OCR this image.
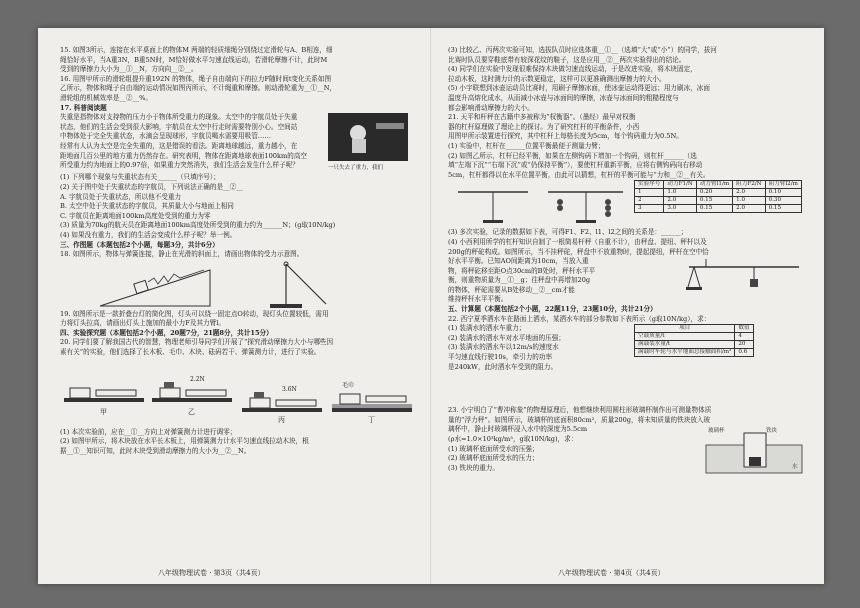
15. 如图3所示，连接在水平桌面上的物体M 两端的轻质细绳分别绕过定滑轮与A、B相连，细

绳恰好水平，当A重3N，B重5N时，M恰好做水平匀速直线运动，若滑轮摩擦不计，此时M

受到的摩擦力大小为__①__N，方向向__②__。

16. 用图甲所示的滑轮组提升重192N 的物体，绳子自由端向下的拉力F随时间t变化关系如图

乙所示，物体和绳子自由端的运动情况如图丙所示，不计绳重和摩擦。则动滑轮重为__①__N，

滑轮组的机械效率是__②__%。

17. 科普阅读题

失重是指物体对支持物的压力小于物体所受重力的现象。太空中的宇航员处于失重

状态，他们的生活会受到很大影响，宇航员在太空中行走时需要特别小心。空间站

中物体处于完全失重状态，水滴会呈现球形，宇航员喝水需要用吸管……

经常有人认为太空是完全失重的，这是错误的看法。距离地球越远，重力越小，在

距地面几百公里的地方重力仍然存在。研究表明，物体在距离地球表面100km的高空

所受重力约为地面上的0.97倍，如果重力突然消失，我们生活会发生什么样子呢？	一只失去了重力，我们

(1) 下列哪个现象与失重状态有关______（只填序号）；

(2) 关于图中处于失重状态的宇航员，下列说法正确的是__②__

A. 宇航员处于失重状态，所以他不受重力

B. 太空中处于失重状态的宇航员，其质量大小与地面上相同

C. 宇航员在距离地面100km高度处受到的重力为零

(3) 质量为70kg的航天员在距离地面100km高度处所受到的重力约为______N；(g取10N/kg)

(4) 如果没有重力，我们的生活会变成什么样子呢？举一例。

三、作图题（本题包括2个小题，每题3分，共计6分）

18. 如图所示，物体与弹簧连接，静止在光滑的斜面上，请画出物体的受力示意图。

19. 如图所示是一款折叠台灯的简化图，灯头可以绕一固定点O转动，现灯头位置较低，需用

力将灯头拉高，请画出灯头上施加的最小力F及其力臂l。

四、实验探究题（本题包括2个小题，20题7分，21题8分，共计15分）

20. 同学们要了解我国古代的智慧，物理老师引导同学们开展了“探究滑动摩擦力大小与哪些因

素有关”的实验，他们选择了长木板、毛巾、木块、砝码若干、弹簧测力计，进行了实验。

甲	乙
丙	丁
2.2N
3.6N
毛巾

(1) 本次实验前，应在__①__方向上对弹簧测力计进行调零；

(2) 如图甲所示，将木块放在水平长木板上，用弹簧测力计水平匀速直线拉动木块，根

据__①__知识可知，此时木块受到滑动摩擦力的大小为__②__N。

八年级物理试卷 · 第3页（共4页）

(3) 比较乙、丙两次实验可知，选拔队员时应选体重__①__（选填“大”或“小”）的同学，拔河

比赛时队员要穿鞋底带有较深花纹的鞋子，这是应用__②__两次实验得出的结论。

(4) 同学们在实验中发现很难保持木块做匀速直线运动，于是改进实验，将木块固定，

拉动木板，这时测力计的示数更稳定，这样可以更准确测出摩擦力的大小。

(5) 小宇联想到冰壶运动员比赛时，用刷子摩擦冰面，使冰壶运动得更远；用力刷冰，冰面

温度升高熔化成水，从而减小冰壶与冰面间的摩擦，冰壶与冰面间的粗糙程度与

都会影响滑动摩擦力的大小。

21. 天平和杆秤在古籍中多被称为“权衡器”。（墨经）最早对权衡

器的杠杆原理做了理论上的探讨。为了研究杠杆的平衡条件，小西

用图甲所示装置进行探究，其中杠杆上每格长度为5cm，每个钩码重力为0.5N。

(1) 实验中，杠杆在______位置平衡最便于测量力臂；

(2) 如图乙所示，杠杆已经平衡，如果在左侧钩码下增加一个钩码，则杠杆______（选

填“左端下沉”“右端下沉”或“仍保持平衡”），要使杠杆重新平衡，应将右侧钩码向右移动

5cm，杠杆都得以在水平位置平衡，由此可以猜想，杠杆的平衡可能与“力和__②__有关。

实验序号	动力F1/N	动力臂l1/m	阻力F2/N	阻力臂l2/m
1	1.0	0.20	2.0	0.10
2	2.0	0.15	1.0	0.30
3	3.0	0.15	2.0	0.15

(3) 多次实验，记录的数据如下表，可得F1、F2、l1、l2之间的关系是：______；

(4) 小西利用所学的杠杆知识自制了一根简易杆秤（自重不计），由秤盘、提纽、秤杆以及

200g的秤砣构成。如图所示，当不挂秤砣，秤盘中不放重物时，提起提纽，秤杆在空中恰

好水平平衡。已知AO间距离为10cm，当放入重

物，将秤砣移至距O点30cm的B处时，秤杆水平平

衡，则重物质量为__①__g；往秤盘中再增加20g

的物体，秤砣需要从B处移动__②__cm才能

维持秤杆水平平衡。

五、计算题（本题包括2个小题，22题11分，23题10分，共计21分）

22. 西宁夏季洒水车在路面上洒水，某洒水车的部分参数如下表所示（g取10N/kg），求：

(1) 装满水的洒水车重力；

(2) 装满水的洒水车对水平地面的压强；

(3) 装满水的洒水车以12m/s的速度水

平匀速直线行驶10s，牵引力的功率

是240kW，此时洒水车受到的阻力。

项目	数值
空载质量/t	4
满载装水量/t	20
满载时车轮与水平地面总接触面积/m²	0.6

23. 小宁明白了“曹冲称象”的物理原理后，他想继续利用圆柱形玻璃杯制作出可测量物体质

量的“浮力秤”。如图所示，玻璃杯的底面积80cm²，质量200g，将未知质量的铁块放入玻

璃杯中，静止时玻璃杯浸入水中的深度为5.5cm

(ρ水=1.0×10³kg/m³，g取10N/kg)，求：

(1) 玻璃杯底面所受水的压强；

(2) 玻璃杯底面所受水的压力；

(3) 铁块的重力。

玻璃杯	铁块
水
八年级物理试卷 · 第4页（共4页）
